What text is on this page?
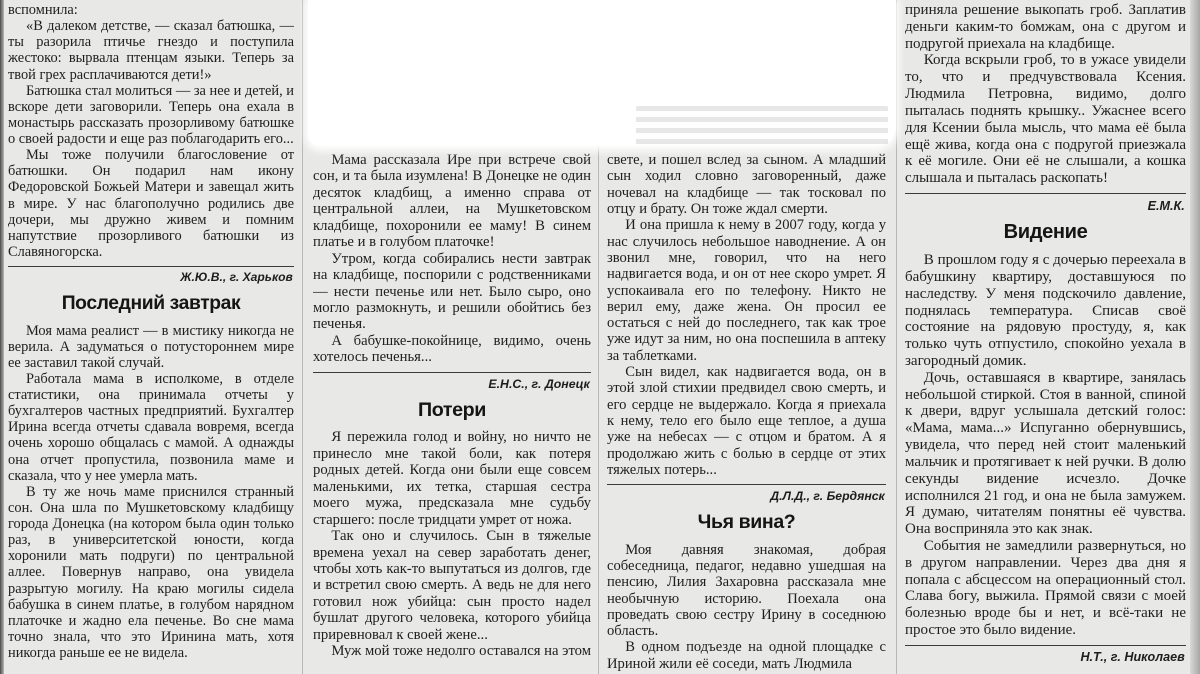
вспомнила:

«В далеком детстве, — сказал батюшка, — ты разорила птичье гнездо и поступила жестоко: вырвала птенцам языки. Теперь за твой грех расплачиваются дети!»

Батюшка стал молиться — за нее и детей, и вскоре дети заговорили. Теперь она ехала в монастырь рассказать прозорливому батюшке о своей радости и еще раз поблагодарить его...

Мы тоже получили благословение от батюшки. Он подарил нам икону Федоровской Божьей Матери и завещал жить в мире. У нас благополучно родились две дочери, мы дружно живем и помним напутствие прозорливого батюшки из Славяногорска.

Ж.Ю.В., г. Харьков
Последний завтрак

Моя мама реалист — в мистику никогда не верила. А задуматься о потустороннем мире ее заставил такой случай.

Работала мама в исполкоме, в отделе статистики, она принимала отчеты у бухгалтеров частных предприятий. Бухгалтер Ирина всегда отчеты сдавала вовремя, всегда очень хорошо общалась с мамой. А однажды она отчет пропустила, позвонила маме и сказала, что у нее умерла мать.

В ту же ночь маме приснился странный сон. Она шла по Мушкетовскому кладбищу города Донецка (на котором была один только раз, в университетской юности, когда хоронили мать подруги) по центральной аллее. Повернув направо, она увидела разрытую могилу. На краю могилы сидела бабушка в синем платье, в голубом нарядном платочке и жадно ела печенье. Во сне мама точно знала, что это Иринина мать, хотя никогда раньше ее не видела.

Мама рассказала Ире при встрече свой сон, и та была изумлена! В Донецке не один десяток кладбищ, а именно справа от центральной аллеи, на Мушкетовском кладбище, похоронили ее маму! В синем платье и в голубом платочке!

Утром, когда собирались нести завтрак на кладбище, поспорили с родственниками — нести печенье или нет. Было сыро, оно могло размокнуть, и решили обойтись без печенья.

А бабушке-покойнице, видимо, очень хотелось печенья...

Е.Н.С., г. Донецк
Потери

Я пережила голод и войну, но ничто не принесло мне такой боли, как потеря родных детей. Когда они были еще совсем маленькими, их тетка, старшая сестра моего мужа, предсказала мне судьбу старшего: после тридцати умрет от ножа.

Так оно и случилось. Сын в тяжелые времена уехал на север заработать денег, чтобы хоть как-то выпутаться из долгов, где и встретил свою смерть. А ведь не для него готовил нож убийца: сын просто надел бушлат другого человека, которого убийца приревновал к своей жене...

Муж мой тоже недолго оставался на этом

свете, и пошел вслед за сыном. А младший сын ходил словно заговоренный, даже ночевал на кладбище — так тосковал по отцу и брату. Он тоже ждал смерти.

И она пришла к нему в 2007 году, когда у нас случилось небольшое наводнение. А он звонил мне, говорил, что на него надвигается вода, и он от нее скоро умрет. Я успокаивала его по телефону. Никто не верил ему, даже жена. Он просил ее остаться с ней до последнего, так как трое уже идут за ним, но она поспешила в аптеку за таблетками.

Сын видел, как надвигается вода, он в этой злой стихии предвидел свою смерть, и его сердце не выдержало. Когда я приехала к нему, тело его было еще теплое, а душа уже на небесах — с отцом и братом. А я продолжаю жить с болью в сердце от этих тяжелых потерь...

Д.Л.Д., г. Бердянск
Чья вина?

Моя давняя знакомая, добрая собеседница, педагог, недавно ушедшая на пенсию, Лилия Захаровна рассказала мне необычную историю. Поехала она проведать свою сестру Ирину в соседнюю область.

В одном подъезде на одной площадке с Ириной жили её соседи, мать Людмила

приняла решение выкопать гроб. Заплатив деньги каким-то бомжам, она с другом и подругой приехала на кладбище.

Когда вскрыли гроб, то в ужасе увидели то, что и предчувствовала Ксения. Людмила Петровна, видимо, долго пыталась поднять крышку.. Ужаснее всего для Ксении была мысль, что мама её была ещё жива, когда она с подругой приезжала к её могиле. Они её не слышали, а кошка слышала и пыталась раскопать!

Е.М.К.
Видение

В прошлом году я с дочерью переехала в бабушкину квартиру, доставшуюся по наследству. У меня подскочило давление, поднялась температура. Списав своё состояние на рядовую простуду, я, как только чуть отпустило, спокойно уехала в загородный домик.

Дочь, оставшаяся в квартире, занялась небольшой стиркой. Стоя в ванной, спиной к двери, вдруг услышала детский голос: «Мама, мама...» Испуганно обернувшись, увидела, что перед ней стоит маленький мальчик и протягивает к ней ручки. В долю секунды видение исчезло. Дочке исполнился 21 год, и она не была замужем. Я думаю, читателям понятны её чувства. Она восприняла это как знак.

События не замедлили развернуться, но в другом направлении. Через два дня я попала с абсцессом на операционный стол. Слава богу, выжила. Прямой связи с моей болезнью вроде бы и нет, и всё-таки не простое это было видение.

Н.Т., г. Николаев
